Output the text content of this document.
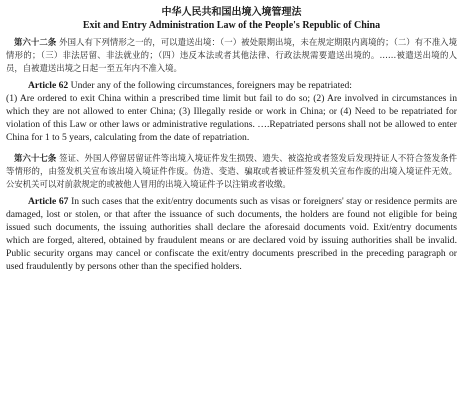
中华人民共和国出境入境管理法

Exit and Entry Administration Law of the People's Republic of China

第六十二条 外国人有下列情形之一的，可以遣送出境：（一）被处限期出境，未在规定期限内离境的；（二）有不准入境情形的；（三）非法居留、非法就业的；（四）违反本法或者其他法律、行政法规需要遣送出境的。……被遣送出境的人员，自被遣送出境之日起一至五年内不准入境。

Article 62 Under any of the following circumstances, foreigners may be repatriated:

(1) Are ordered to exit China within a prescribed time limit but fail to do so; (2) Are involved in circumstances in which they are not allowed to enter China; (3) Illegally reside or work in China; or (4) Need to be repatriated for violation of this Law or other laws or administrative regulations. ….Repatriated persons shall not be allowed to enter China for 1 to 5 years, calculating from the date of repatriation.

第六十七条 签证、外国人停留居留证件等出境入境证件发生损毁、遗失、被盗抢或者签发后发现持证人不符合签发条件等情形的，由签发机关宣布该出境入境证件作废。伪造、变造、骗取或者被证件签发机关宣布作废的出境入境证件无效。公安机关可以对前款规定的或被他人冒用的出境入境证件予以注销或者收缴。

Article 67 In such cases that the exit/entry documents such as visas or foreigners' stay or residence permits are damaged, lost or stolen, or that after the issuance of such documents, the holders are found not eligible for being issued such documents, the issuing authorities shall declare the aforesaid documents void. Exit/entry documents which are forged, altered, obtained by fraudulent means or are declared void by issuing authorities shall be invalid. Public security organs may cancel or confiscate the exit/entry documents prescribed in the preceding paragraph or used fraudulently by persons other than the specified holders.
